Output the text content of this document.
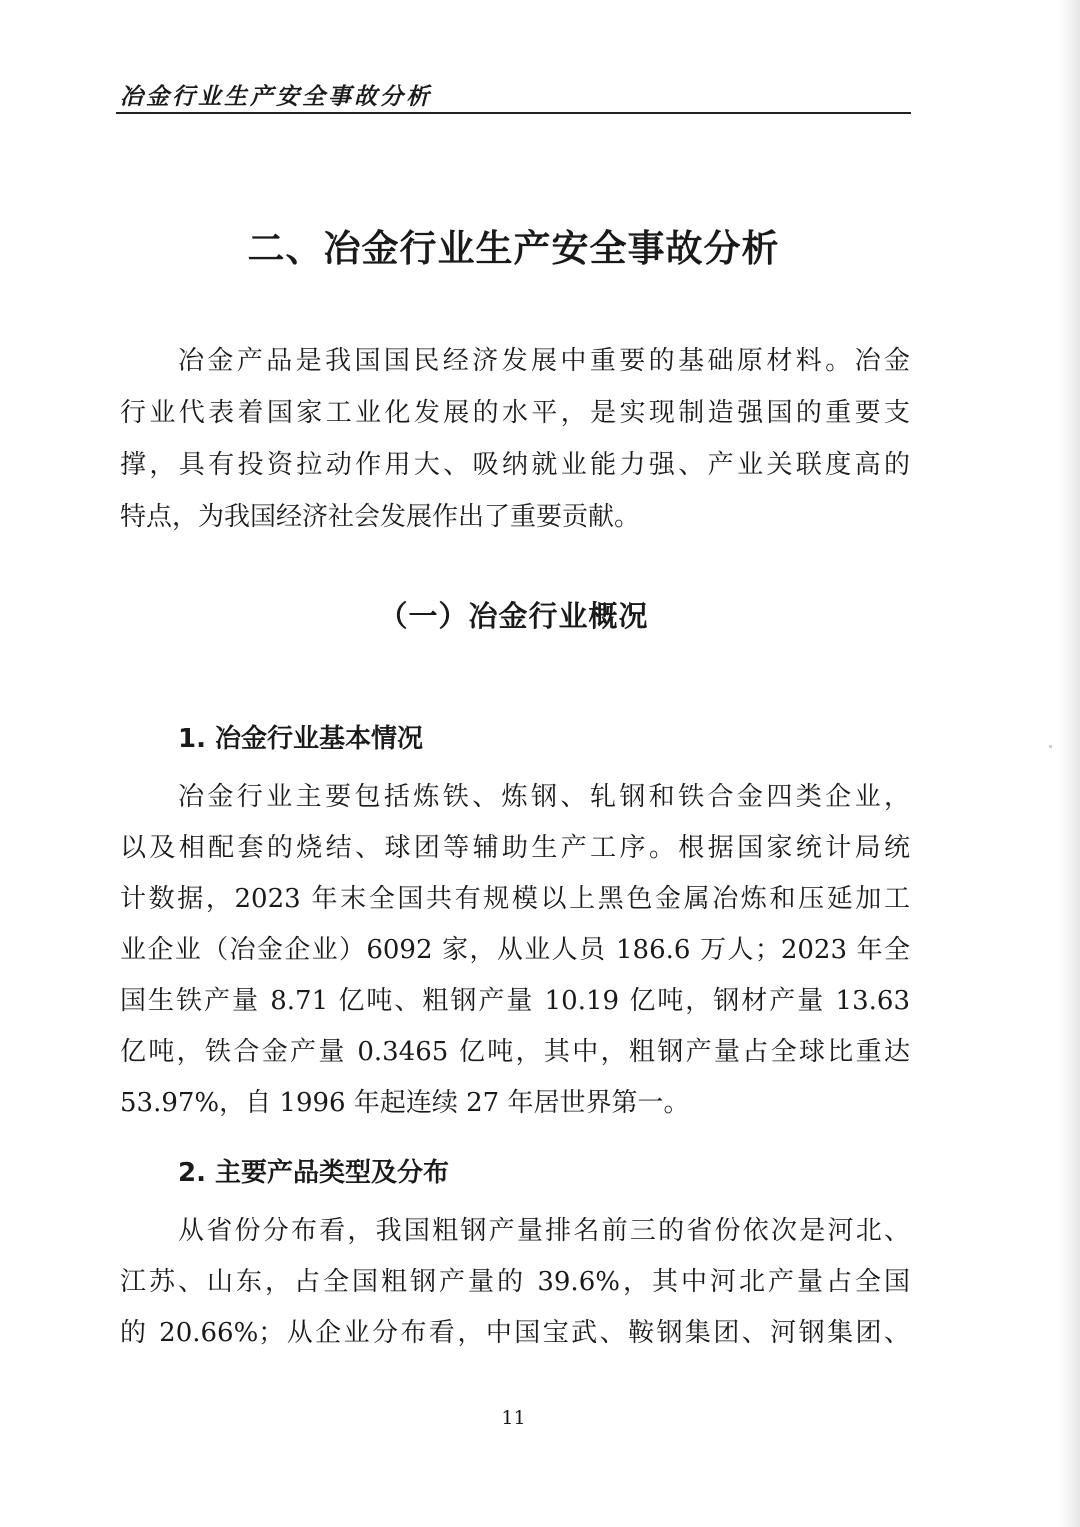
冶金行业生产安全事故分析
二、冶金行业生产安全事故分析
冶金产品是我国国民经济发展中重要的基础原材料。冶金
行业代表着国家工业化发展的水平，是实现制造强国的重要支
撑，具有投资拉动作用大、吸纳就业能力强、产业关联度高的
特点，为我国经济社会发展作出了重要贡献。
（一）冶金行业概况
1. 冶金行业基本情况
冶金行业主要包括炼铁、炼钢、轧钢和铁合金四类企业，
以及相配套的烧结、球团等辅助生产工序。根据国家统计局统
计数据，2023 年末全国共有规模以上黑色金属冶炼和压延加工
业企业（冶金企业）6092 家，从业人员 186.6 万人；2023 年全
国生铁产量 8.71 亿吨、粗钢产量 10.19 亿吨，钢材产量 13.63
亿吨，铁合金产量 0.3465 亿吨，其中，粗钢产量占全球比重达
53.97%，自 1996 年起连续 27 年居世界第一。
2. 主要产品类型及分布
从省份分布看，我国粗钢产量排名前三的省份依次是河北、
江苏、山东，占全国粗钢产量的 39.6%，其中河北产量占全国
的 20.66%；从企业分布看，中国宝武、鞍钢集团、河钢集团、
11
